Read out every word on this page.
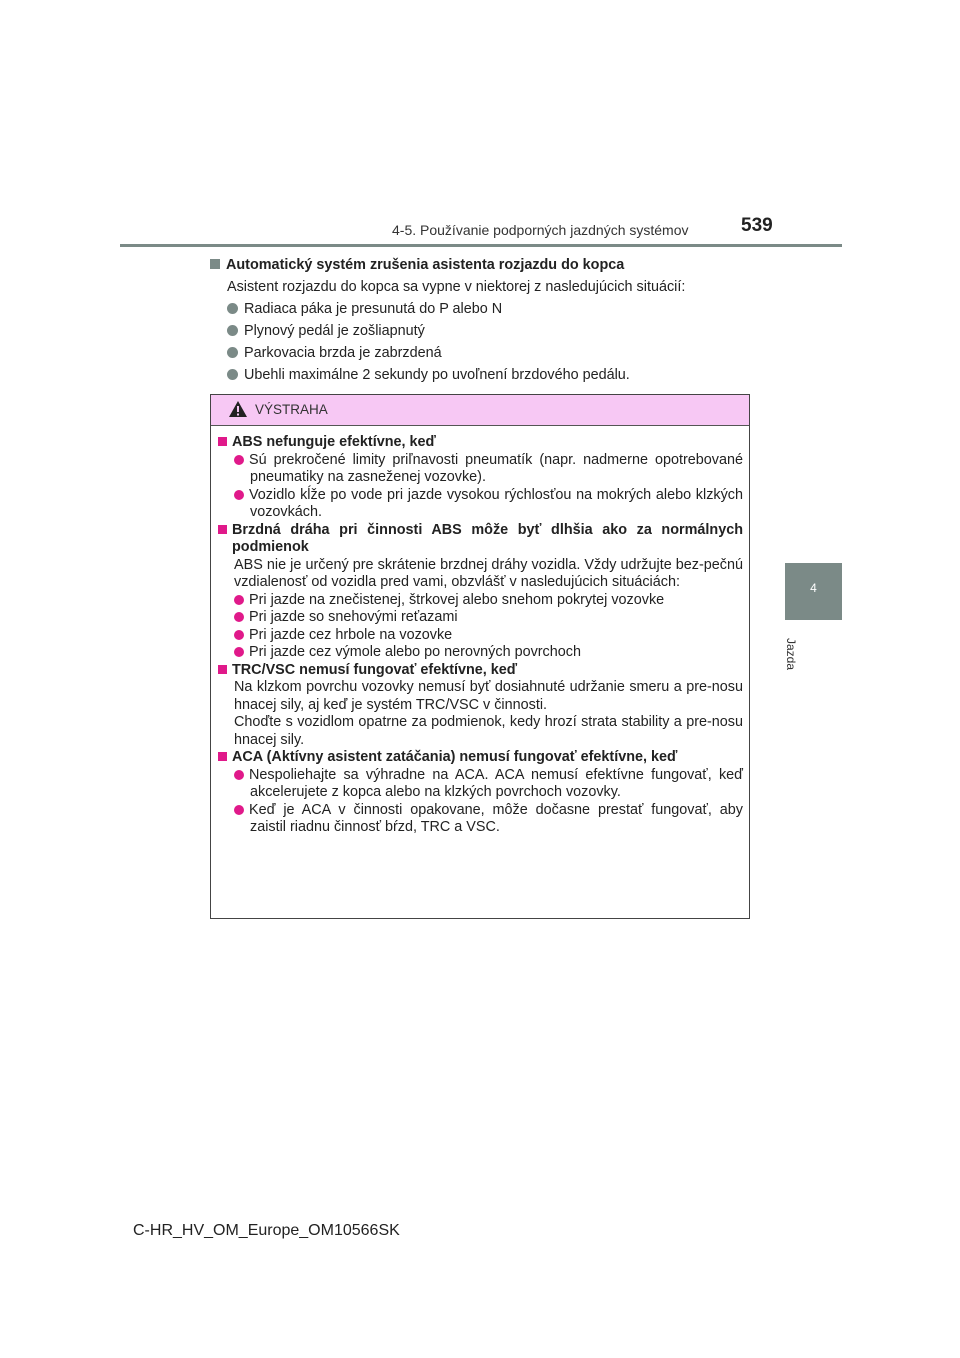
4-5. Používanie podporných jazdných systémov	539
4
Jazda
Automatický systém zrušenia asistenta rozjazdu do kopca
Asistent rozjazdu do kopca sa vypne v niektorej z nasledujúcich situácií:
Radiaca páka je presunutá do P alebo N
Plynový pedál je zošliapnutý
Parkovacia brzda je zabrzdená
Ubehli maximálne 2 sekundy po uvoľnení brzdového pedálu.
VÝSTRAHA

ABS nefunguje efektívne, keď

Sú prekročené limity priľnavosti pneumatík (napr. nadmerne opotrebované pneumatiky na zasneženej vozovke).

Vozidlo kĺže po vode pri jazde vysokou rýchlosťou na mokrých alebo klzkých vozovkách.

Brzdná dráha pri činnosti ABS môže byť dlhšia ako za normálnych podmienok

ABS nie je určený pre skrátenie brzdnej dráhy vozidla. Vždy udržujte bez-pečnú vzdialenosť od vozidla pred vami, obzvlášť v nasledujúcich situáciách:

Pri jazde na znečistenej, štrkovej alebo snehom pokrytej vozovke

Pri jazde so snehovými reťazami

Pri jazde cez hrbole na vozovke

Pri jazde cez výmole alebo po nerovných povrchoch

TRC/VSC nemusí fungovať efektívne, keď

Na klzkom povrchu vozovky nemusí byť dosiahnuté udržanie smeru a pre-nosu hnacej sily, aj keď je systém TRC/VSC v činnosti.

Choďte s vozidlom opatrne za podmienok, kedy hrozí strata stability a pre-nosu hnacej sily.

ACA (Aktívny asistent zatáčania) nemusí fungovať efektívne, keď

Nespoliehajte sa výhradne na ACA. ACA nemusí efektívne fungovať, keď akcelerujete z kopca alebo na klzkých povrchoch vozovky.

Keď je ACA v činnosti opakovane, môže dočasne prestať fungovať, aby zaistil riadnu činnosť bŕzd, TRC a VSC.

C-HR_HV_OM_Europe_OM10566SK
